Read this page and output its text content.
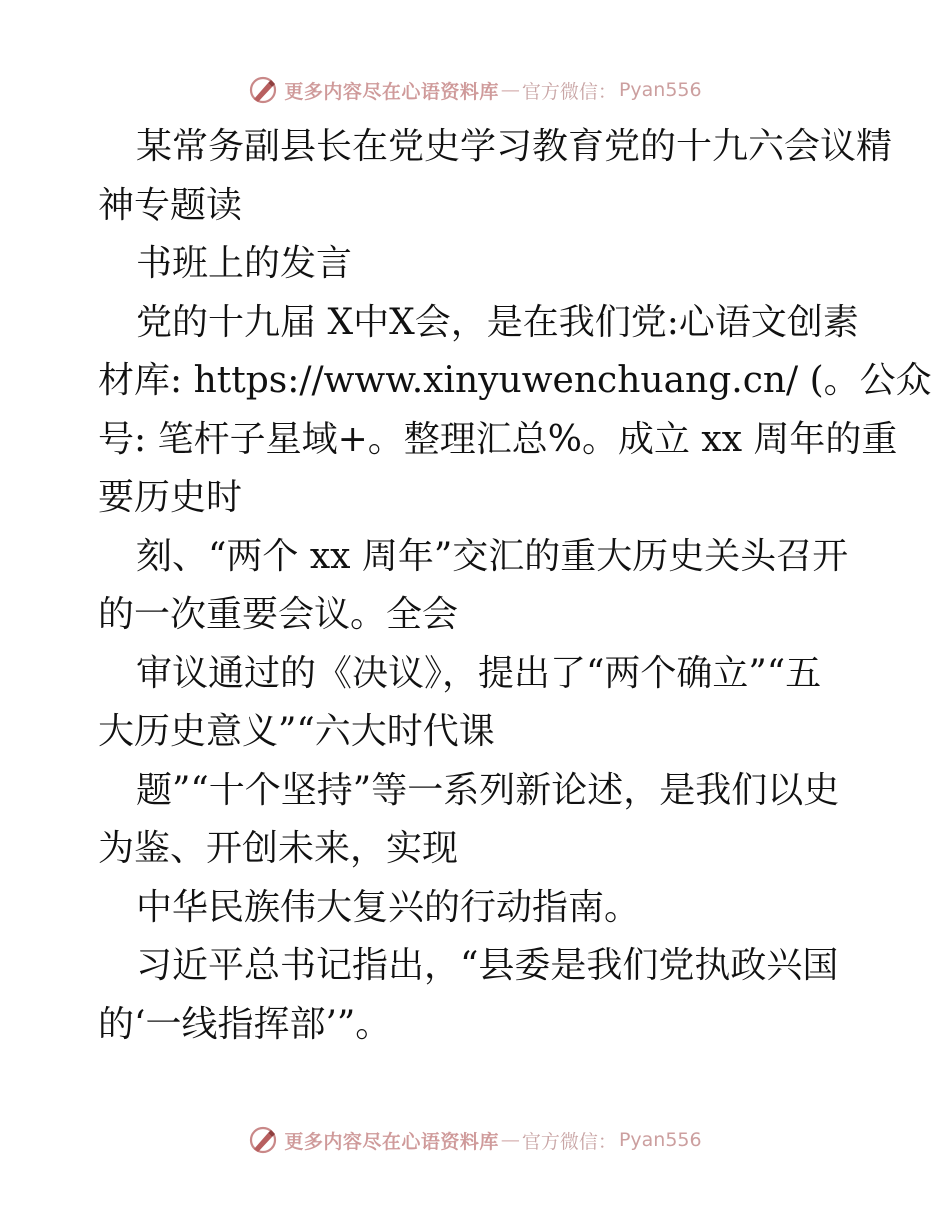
更多内容尽在心语资料库 — 官方微信： Pyan556

某常务副县长在党史学习教育党的十九六会议精

神专题读

书班上的发言

党的十九届 X中X会，是在我们党:心语文创素

材库: https://www.xinyuwenchuang.cn/ (。公众

号: 笔杆子星域+。整理汇总%。成立 xx 周年的重

要历史时

刻、“两个 xx 周年”交汇的重大历史关头召开

的一次重要会议。全会

审议通过的《决议》，提出了“两个确立”“五

大历史意义”“六大时代课

题”“十个坚持”等一系列新论述，是我们以史

为鉴、开创未来，实现

中华民族伟大复兴的行动指南。

习近平总书记指出，“县委是我们党执政兴国

的‘一线指挥部’”。

更多内容尽在心语资料库 — 官方微信： Pyan556
